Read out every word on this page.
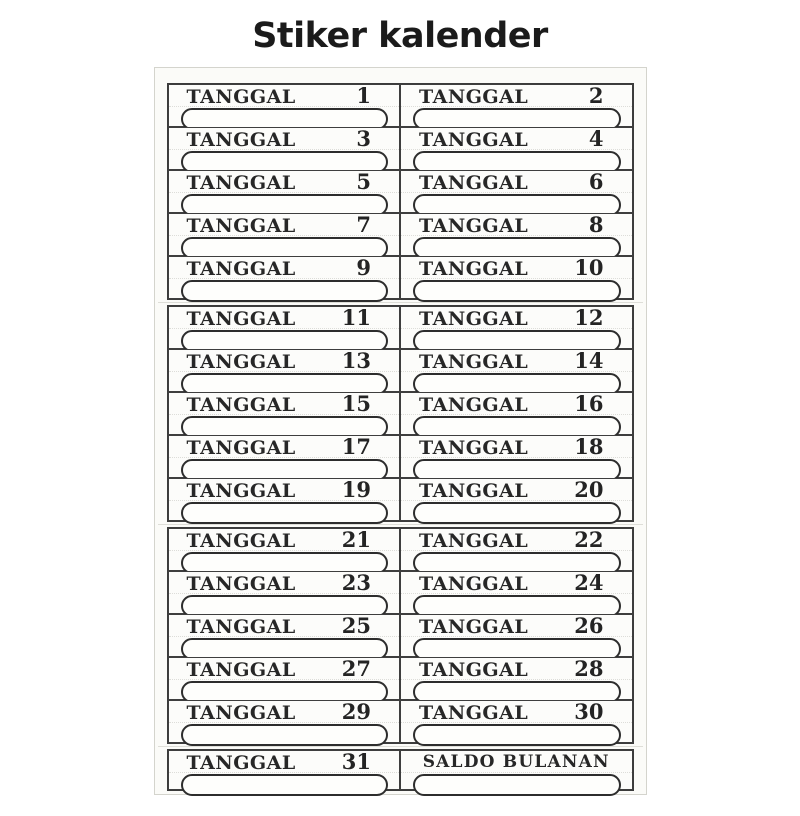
Stiker kalender
TANGGAL	1	TANGGAL	2
TANGGAL	3	TANGGAL	4
TANGGAL	5	TANGGAL	6
TANGGAL	7	TANGGAL	8
TANGGAL	9	TANGGAL 10
TANGGAL 11	TANGGAL 12
TANGGAL 13	TANGGAL 14
TANGGAL 15	TANGGAL 16
TANGGAL 17	TANGGAL 18
TANGGAL 19	TANGGAL 20
TANGGAL 21	TANGGAL 22
TANGGAL 23	TANGGAL 24
TANGGAL 25	TANGGAL 26
TANGGAL 27	TANGGAL 28
TANGGAL 29	TANGGAL 30
TANGGAL 31	SALDO BULANAN
